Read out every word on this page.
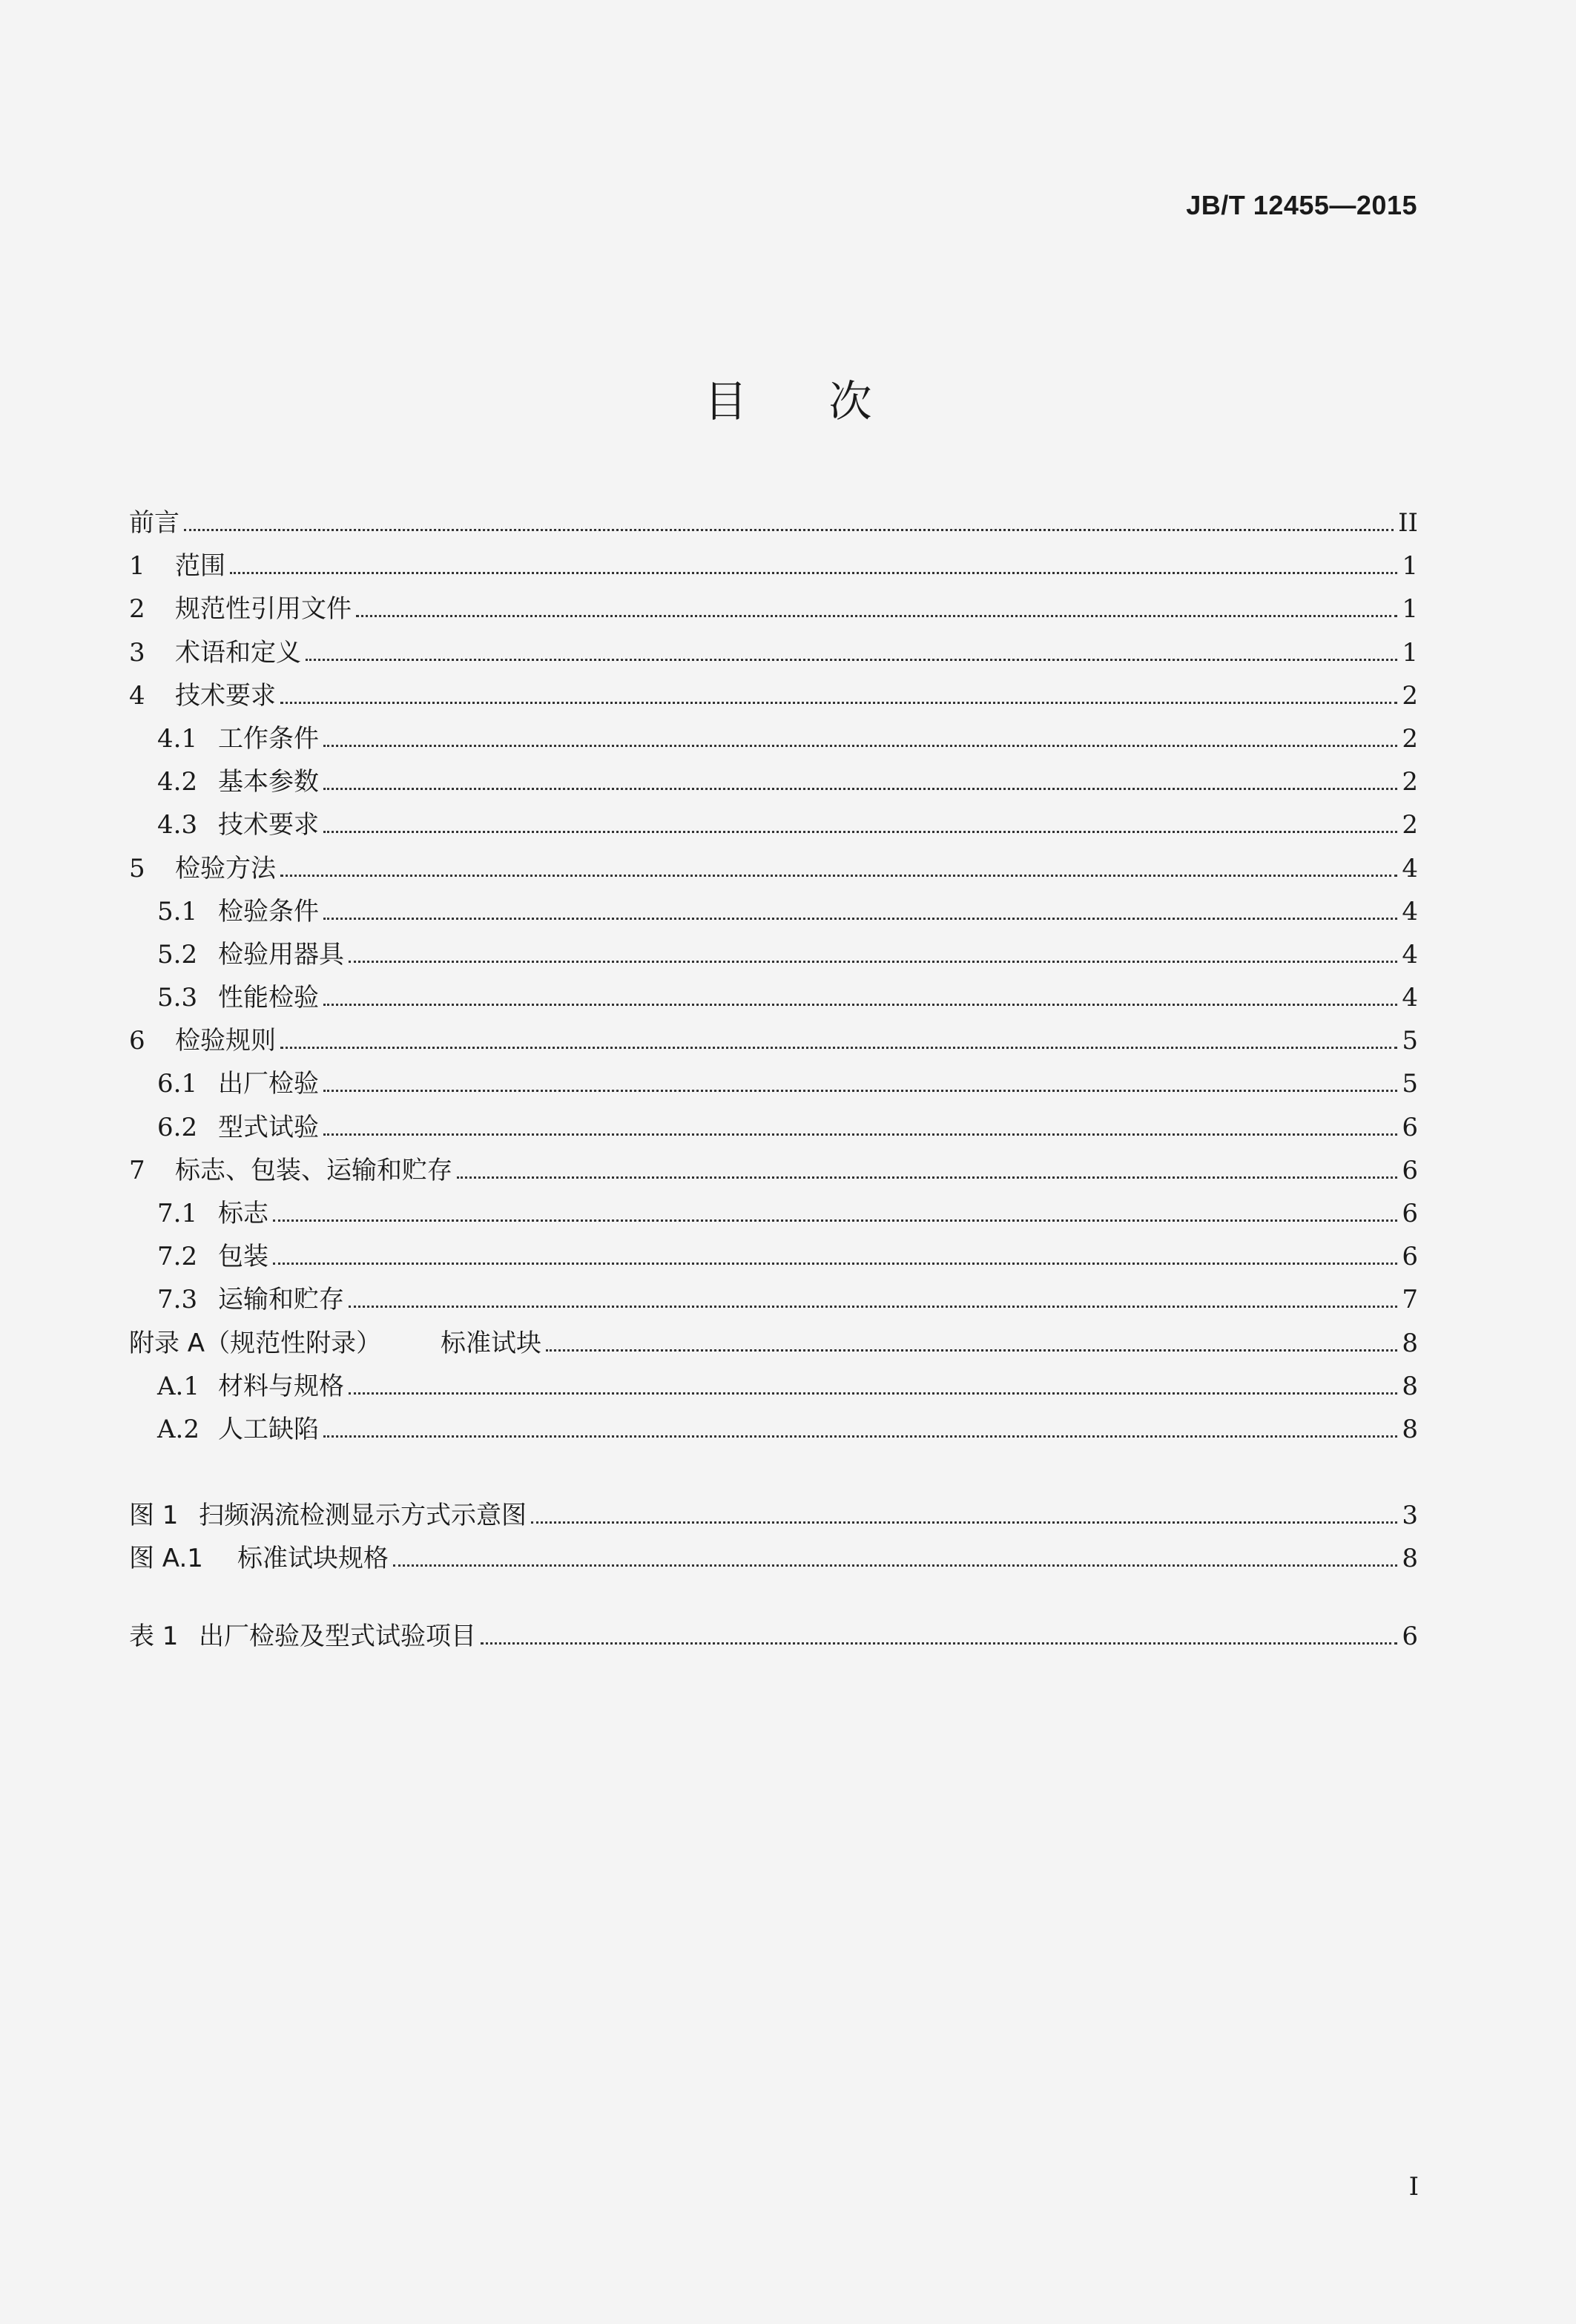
JB/T 12455—2015
目 次
前言	II
1	范围	1
2	规范性引用文件	1
3	术语和定义	1
4	技术要求	2
4.1 工作条件	2
4.2 基本参数	2
4.3 技术要求	2
5	检验方法	4
5.1 检验条件	4
5.2 检验用器具	4
5.3 性能检验	4
6	检验规则	5
6.1 出厂检验	5
6.2 型式试验	6
7	标志、包装、运输和贮存	6
7.1 标志	6
7.2 包装	6
7.3 运输和贮存	7
附录 A（规范性附录）	标准试块	8
A.1 材料与规格	8
A.2 人工缺陷	8
图 1 扫频涡流检测显示方式示意图	3
图 A.1	标准试块规格	8
表 1 出厂检验及型式试验项目	6
I
